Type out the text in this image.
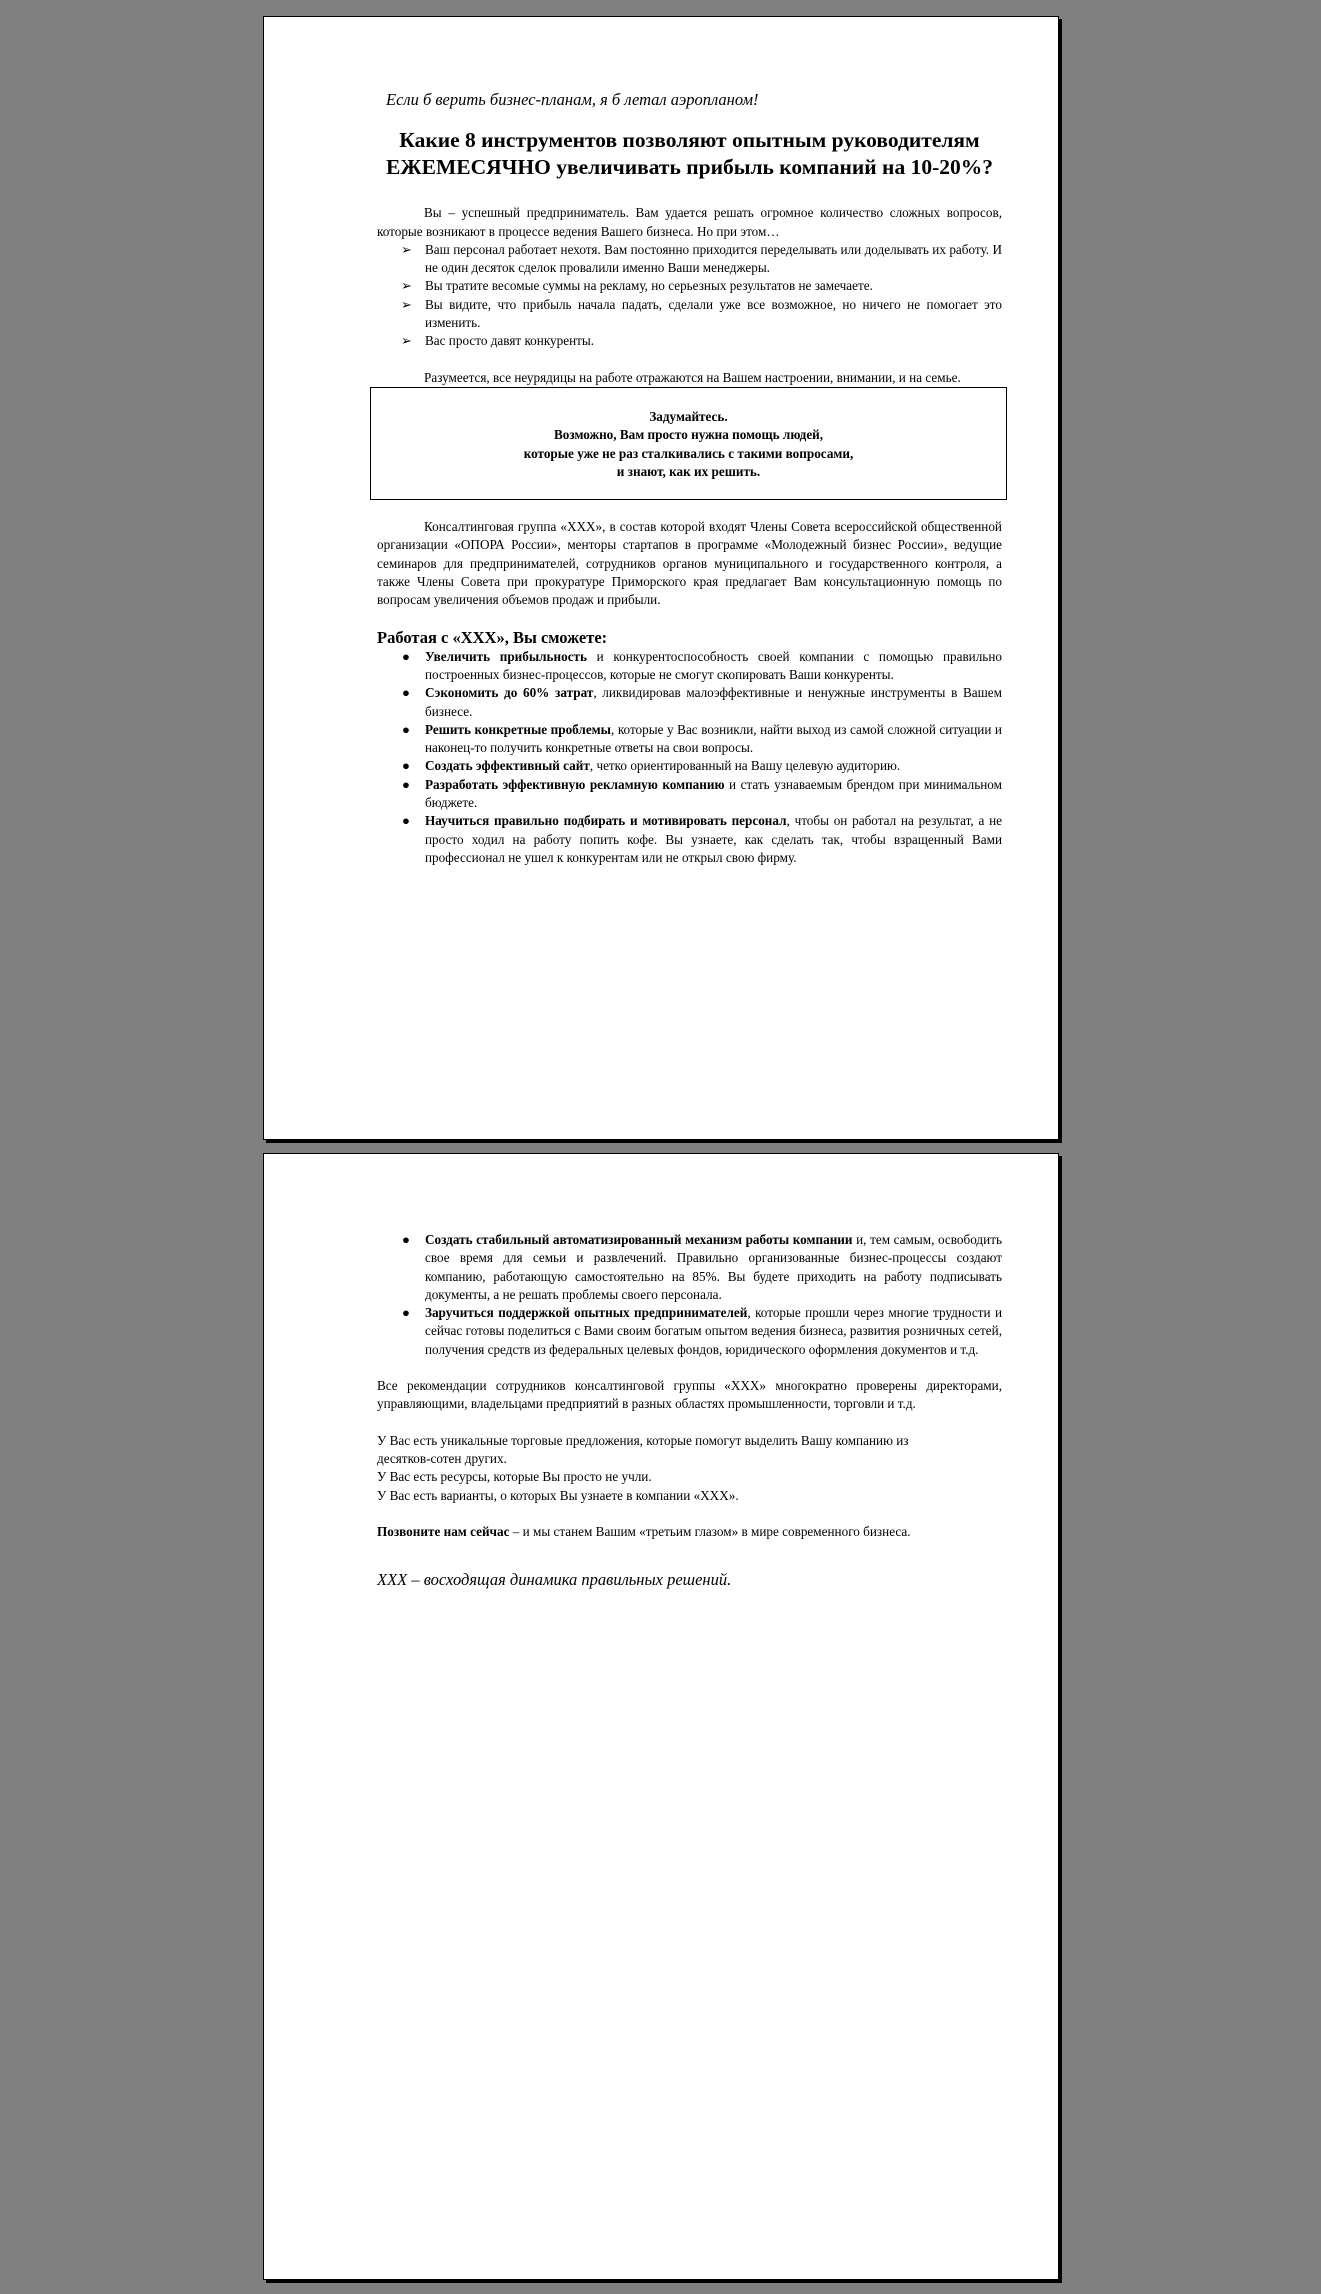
Если б верить бизнес-планам, я б летал аэропланом!

Какие 8 инструментов позволяют опытным руководителям ЕЖЕМЕСЯЧНО увеличивать прибыль компаний на 10-20%?

Вы – успешный предприниматель. Вам удается решать огромное количество сложных вопросов, которые возникают в процессе ведения Вашего бизнеса. Но при этом…

➢ Ваш персонал работает нехотя. Вам постоянно приходится переделывать или доделывать их работу. И не один десяток сделок провалили именно Ваши менеджеры.
➢ Вы тратите весомые суммы на рекламу, но серьезных результатов не замечаете.
➢ Вы видите, что прибыль начала падать, сделали уже все возможное, но ничего не помогает это изменить.
➢ Вас просто давят конкуренты.

Разумеется, все неурядицы на работе отражаются на Вашем настроении, внимании, и на семье.

Задумайтесь.
Возможно, Вам просто нужна помощь людей,
которые уже не раз сталкивались с такими вопросами,
и знают, как их решить.

Консалтинговая группа «ХХХ», в состав которой входят Члены Совета всероссийской общественной организации «ОПОРА России», менторы стартапов в программе «Молодежный бизнес России», ведущие семинаров для предпринимателей, сотрудников органов муниципального и государственного контроля, а также Члены Совета при прокуратуре Приморского края предлагает Вам консультационную помощь по вопросам увеличения объемов продаж и прибыли.

Работая с «ХХХ», Вы сможете:

● Увеличить прибыльность и конкурентоспособность своей компании с помощью правильно построенных бизнес-процессов, которые не смогут скопировать Ваши конкуренты.
● Сэкономить до 60% затрат, ликвидировав малоэффективные и ненужные инструменты в Вашем бизнесе.
● Решить конкретные проблемы, которые у Вас возникли, найти выход из самой сложной ситуации и наконец-то получить конкретные ответы на свои вопросы.
● Создать эффективный сайт, четко ориентированный на Вашу целевую аудиторию.
● Разработать эффективную рекламную компанию и стать узнаваемым брендом при минимальном бюджете.
● Научиться правильно подбирать и мотивировать персонал, чтобы он работал на результат, а не просто ходил на работу попить кофе. Вы узнаете, как сделать так, чтобы взращенный Вами профессионал не ушел к конкурентам или не открыл свою фирму.
● Создать стабильный автоматизированный механизм работы компании и, тем самым, освободить свое время для семьи и развлечений. Правильно организованные бизнес-процессы создают компанию, работающую самостоятельно на 85%. Вы будете приходить на работу подписывать документы, а не решать проблемы своего персонала.
● Заручиться поддержкой опытных предпринимателей, которые прошли через многие трудности и сейчас готовы поделиться с Вами своим богатым опытом ведения бизнеса, развития розничных сетей, получения средств из федеральных целевых фондов, юридического оформления документов и т.д.

Все рекомендации сотрудников консалтинговой группы «ХХХ» многократно проверены директорами, управляющими, владельцами предприятий в разных областях промышленности, торговли и т.д.

У Вас есть уникальные торговые предложения, которые помогут выделить Вашу компанию из десятков-сотен других.

У Вас есть ресурсы, которые Вы просто не учли.

У Вас есть варианты, о которых Вы узнаете в компании «ХХХ».

Позвоните нам сейчас – и мы станем Вашим «третьим глазом» в мире современного бизнеса.

ХХХ – восходящая динамика правильных решений.
